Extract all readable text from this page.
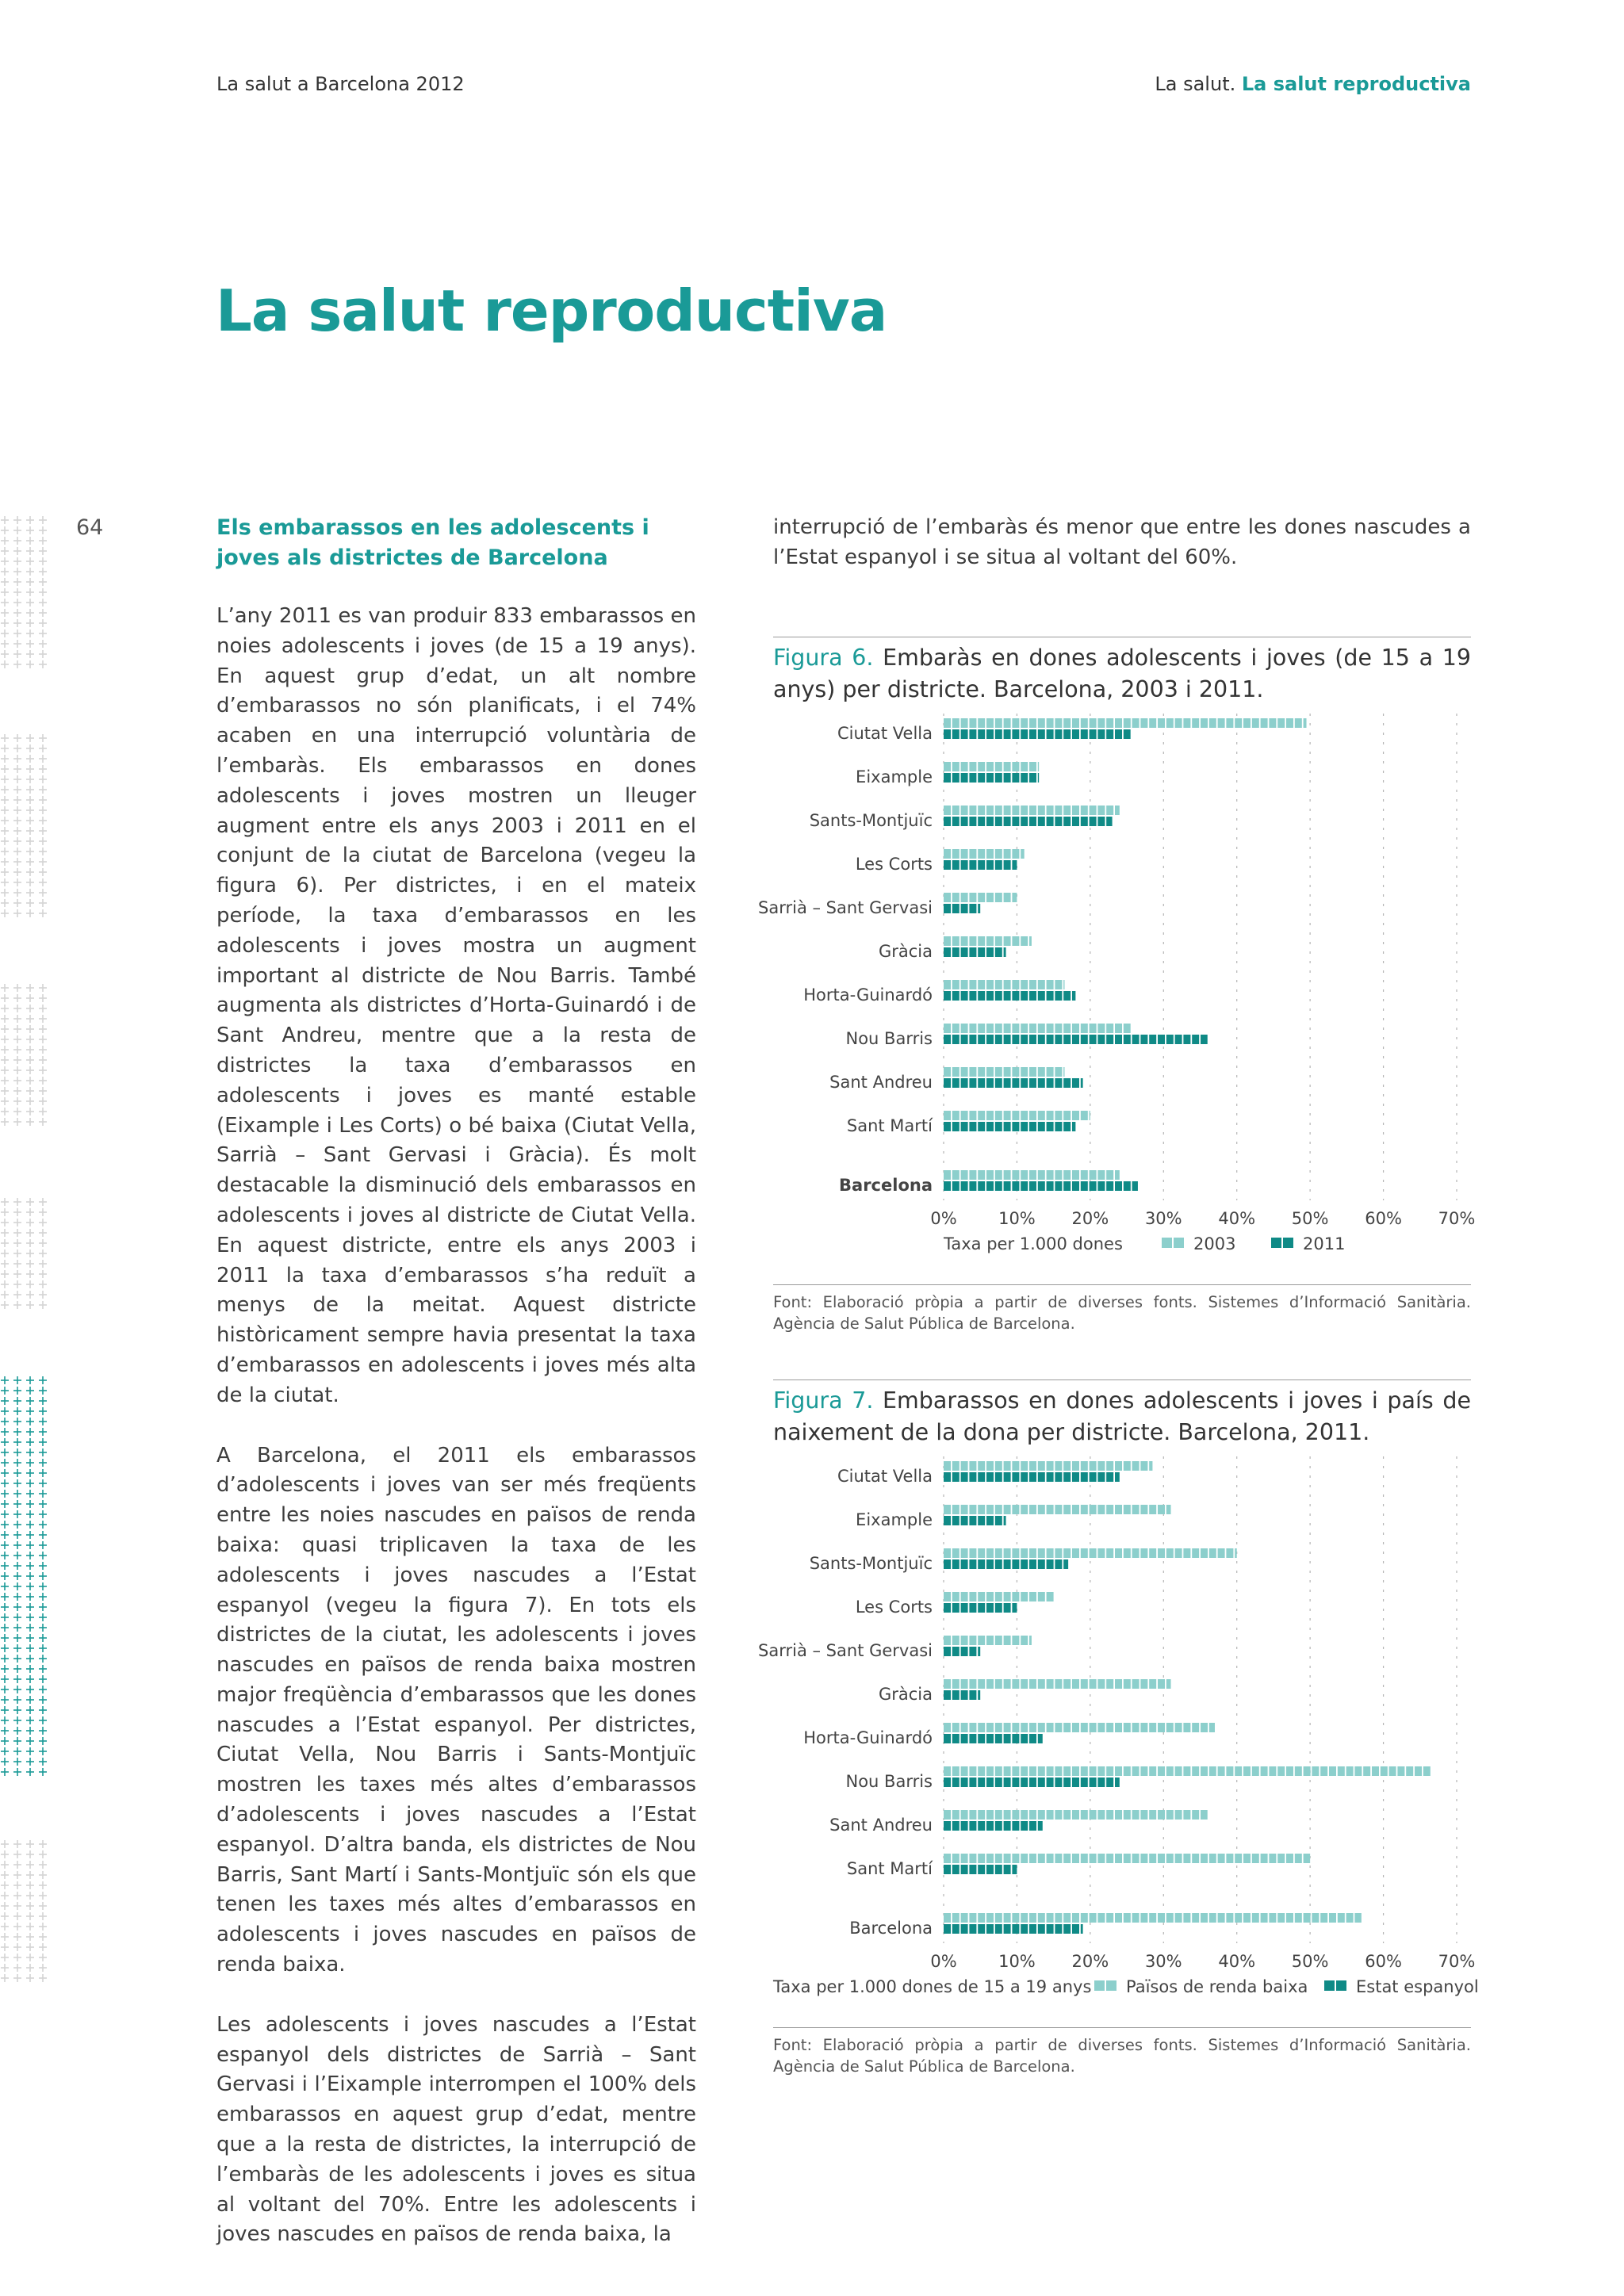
La salut a Barcelona 2012	La salut. La salut reproductiva
La salut reproductiva
64	Els embarassos en les adolescents i joves als districtes de Barcelona

L’any 2011 es van produir 833 embarassos en noies adolescents i joves (de 15 a 19 anys). En aquest grup d’edat, un alt nombre d’embarassos no són planificats, i el 74% acaben en una interrupció voluntària de l’embaràs. Els embarassos en dones adolescents i joves mostren un lleuger augment entre els anys 2003 i 2011 en el conjunt de la ciutat de Barcelona (vegeu la figura 6). Per districtes, i en el mateix període, la taxa d’embarassos en les adolescents i joves mostra un augment important al districte de Nou Barris. També augmenta als districtes d’Horta-Guinardó i de Sant Andreu, mentre que a la resta de districtes la taxa d’embarassos en adolescents i joves es manté estable (Eixample i Les Corts) o bé baixa (Ciutat Vella, Sarrià – Sant Gervasi i Gràcia). És molt destacable la disminució dels embarassos en adolescents i joves al districte de Ciutat Vella. En aquest districte, entre els anys 2003 i 2011 la taxa d’embarassos s’ha reduït a menys de la meitat. Aquest districte històricament sempre havia presentat la taxa d’embarassos en adolescents i joves més alta de la ciutat.

A Barcelona, el 2011 els embarassos d’adolescents i joves van ser més freqüents entre les noies nascudes en països de renda baixa: quasi triplicaven la taxa de les adolescents i joves nascudes a l’Estat espanyol (vegeu la figura 7). En tots els districtes de la ciutat, les adolescents i joves nascudes en països de renda baixa mostren major freqüència d’embarassos que les dones nascudes a l’Estat espanyol. Per districtes, Ciutat Vella, Nou Barris i Sants-Montjuïc mostren les taxes més altes d’embarassos d’adolescents i joves nascudes a l’Estat espanyol. D’altra banda, els districtes de Nou Barris, Sant Martí i Sants-Montjuïc són els que tenen les taxes més altes d’embarassos en adolescents i joves nascudes en països de renda baixa.

Les adolescents i joves nascudes a l’Estat espanyol dels districtes de Sarrià – Sant Gervasi i l’Eixample interrompen el 100% dels embarassos en aquest grup d’edat, mentre que a la resta de districtes, la interrupció de l’embaràs de les adolescents i joves es situa al voltant del 70%. Entre les adolescents i joves nascudes en països de renda baixa, la

interrupció de l’embaràs és menor que entre les dones nascudes a l’Estat espanyol i se situa al voltant del 60%.

Figura 6. Embaràs en dones adolescents i joves (de 15 a 19 anys) per districte. Barcelona, 2003 i 2011.
Ciutat Vella
Eixample
Sants-Montjuïc
Les Corts
Sarrià – Sant Gervasi
Gràcia
Horta-Guinardó
Nou Barris
Sant Andreu
Sant Martí
Barcelona
0% 10% 20% 30% 40% 50% 60% 70%
Taxa per 1.000 dones	2003	2011
Font: Elaboració pròpia a partir de diverses fonts. Sistemes d’Informació Sanitària. Agència de Salut Pública de Barcelona.
Figura 7. Embarassos en dones adolescents i joves i país de naixement de la dona per districte. Barcelona, 2011.
Ciutat Vella
Eixample
Sants-Montjuïc
Les Corts
Sarrià – Sant Gervasi
Gràcia
Horta-Guinardó
Nou Barris
Sant Andreu
Sant Martí
Barcelona
0% 10% 20% 30% 40% 50% 60% 70%
Taxa per 1.000 dones de 15 a 19 anys Països de renda baixa	Estat espanyol
Font: Elaboració pròpia a partir de diverses fonts. Sistemes d’Informació Sanitària. Agència de Salut Pública de Barcelona.
